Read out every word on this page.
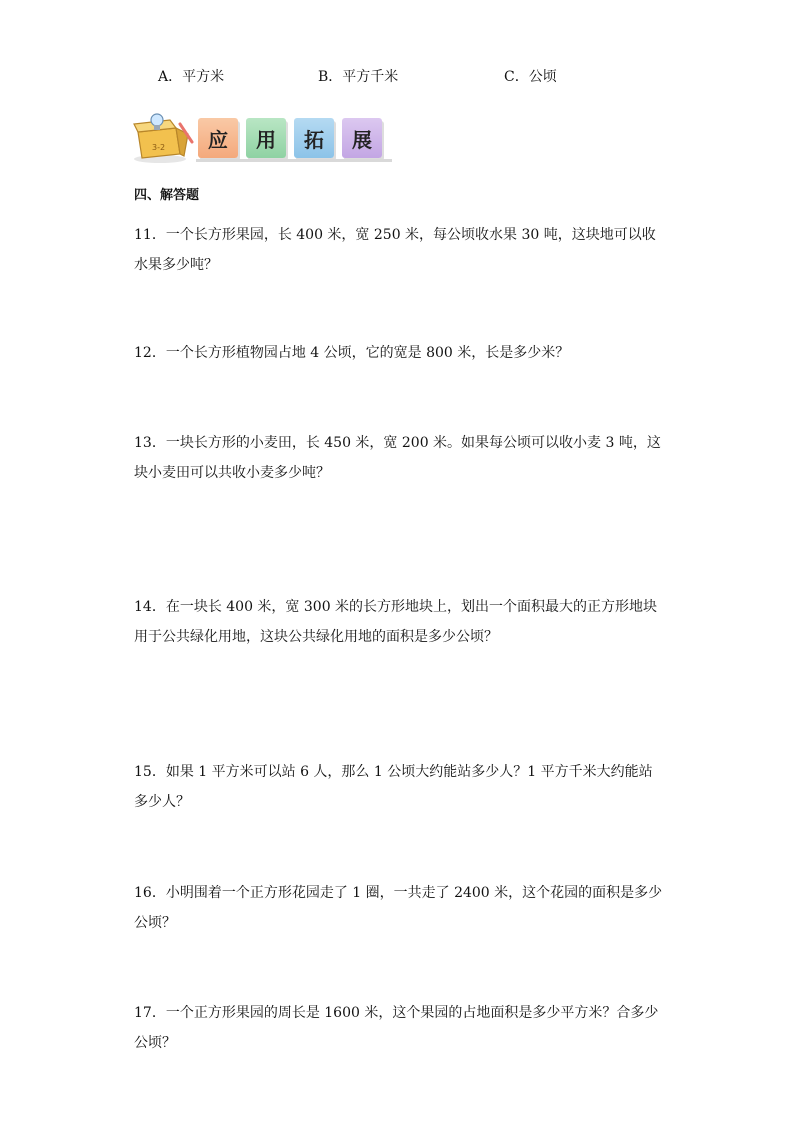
A．平方米	B．平方千米	C．公顷
3-2	应	用	拓	展
四、解答题
11．一个长方形果园，长 400 米，宽 250 米，每公顷收水果 30 吨，这块地可以收水果多少吨？
12．一个长方形植物园占地 4 公顷，它的宽是 800 米，长是多少米？
13．一块长方形的小麦田，长 450 米，宽 200 米。如果每公顷可以收小麦 3 吨，这块小麦田可以共收小麦多少吨？
14．在一块长 400 米，宽 300 米的长方形地块上，划出一个面积最大的正方形地块用于公共绿化用地，这块公共绿化用地的面积是多少公顷？
15．如果 1 平方米可以站 6 人，那么 1 公顷大约能站多少人？1 平方千米大约能站多少人？
16．小明围着一个正方形花园走了 1 圈，一共走了 2400 米，这个花园的面积是多少公顷？
17．一个正方形果园的周长是 1600 米，这个果园的占地面积是多少平方米？合多少公顷？
